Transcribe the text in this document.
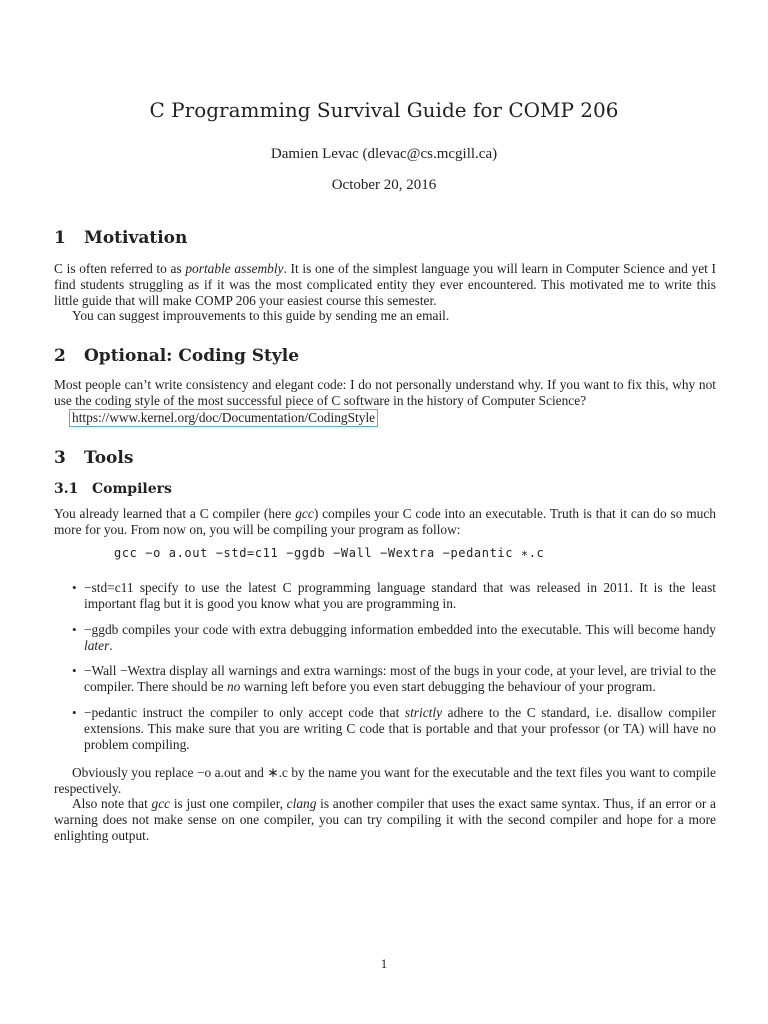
C Programming Survival Guide for COMP 206
Damien Levac (dlevac@cs.mcgill.ca)
October 20, 2016
1 Motivation
C is often referred to as portable assembly. It is one of the simplest language you will learn in Computer Science and yet I find students struggling as if it was the most complicated entity they ever encountered. This motivated me to write this little guide that will make COMP 206 your easiest course this semester.
You can suggest improuvements to this guide by sending me an email.
2 Optional: Coding Style
Most people can’t write consistency and elegant code: I do not personally understand why. If you want to fix this, why not use the coding style of the most successful piece of C software in the history of Computer Science?
https://www.kernel.org/doc/Documentation/CodingStyle
3 Tools
3.1 Compilers
You already learned that a C compiler (here gcc) compiles your C code into an executable. Truth is that it can do so much more for you. From now on, you will be compiling your program as follow:
gcc −o a.out −std=c11 −ggdb −Wall −Wextra −pedantic ∗.c
• −std=c11 specify to use the latest C programming language standard that was released in 2011. It is the least important flag but it is good you know what you are programming in.
• −ggdb compiles your code with extra debugging information embedded into the executable. This will become handy later.
• −Wall −Wextra display all warnings and extra warnings: most of the bugs in your code, at your level, are trivial to the compiler. There should be no warning left before you even start debugging the behaviour of your program.
• −pedantic instruct the compiler to only accept code that strictly adhere to the C standard, i.e. disallow compiler extensions. This make sure that you are writing C code that is portable and that your professor (or TA) will have no problem compiling.
Obviously you replace −o a.out and ∗.c by the name you want for the executable and the text files you want to compile respectively.
Also note that gcc is just one compiler, clang is another compiler that uses the exact same syntax. Thus, if an error or a warning does not make sense on one compiler, you can try compiling it with the second compiler and hope for a more enlighting output.
1
